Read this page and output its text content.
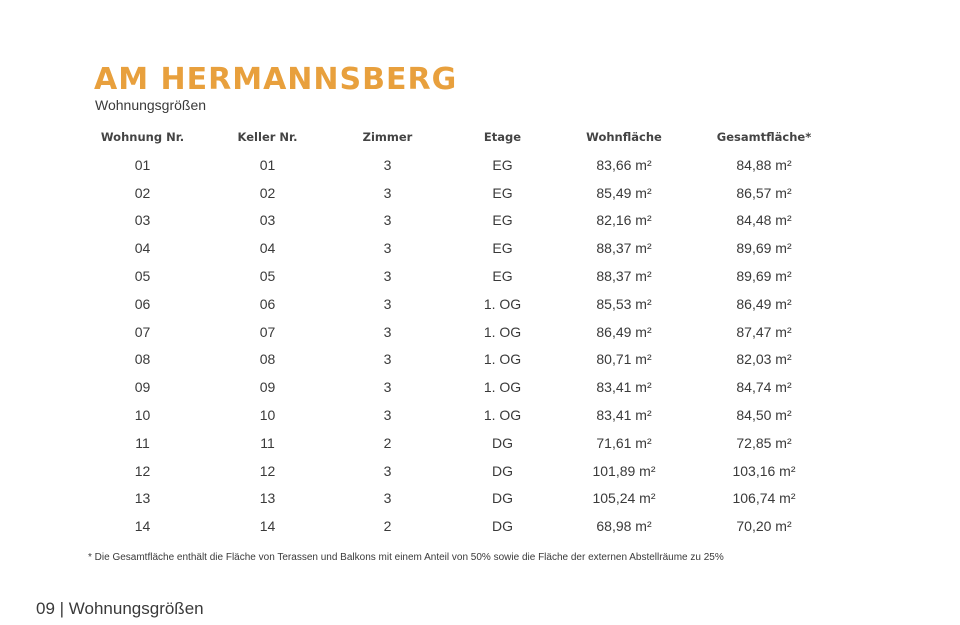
AM HERMANNSBERG
Wohnungsgrößen
Wohnung Nr.	Keller Nr.	Zimmer	Etage	Wohnfläche	Gesamtfläche*
01	01	3	EG	83,66 m²	84,88 m²
02	02	3	EG	85,49 m²	86,57 m²
03	03	3	EG	82,16 m²	84,48 m²
04	04	3	EG	88,37 m²	89,69 m²
05	05	3	EG	88,37 m²	89,69 m²
06	06	3	1. OG	85,53 m²	86,49 m²
07	07	3	1. OG	86,49 m²	87,47 m²
08	08	3	1. OG	80,71 m²	82,03 m²
09	09	3	1. OG	83,41 m²	84,74 m²
10	10	3	1. OG	83,41 m²	84,50 m²
11	11	2	DG	71,61 m²	72,85 m²
12	12	3	DG	101,89 m²	103,16 m²
13	13	3	DG	105,24 m²	106,74 m²
14	14	2	DG	68,98 m²	70,20 m²
* Die Gesamtfläche enthält die Fläche von Terassen und Balkons mit einem Anteil von 50% sowie die Fläche der externen Abstellräume zu 25%
09 | Wohnungsgrößen
